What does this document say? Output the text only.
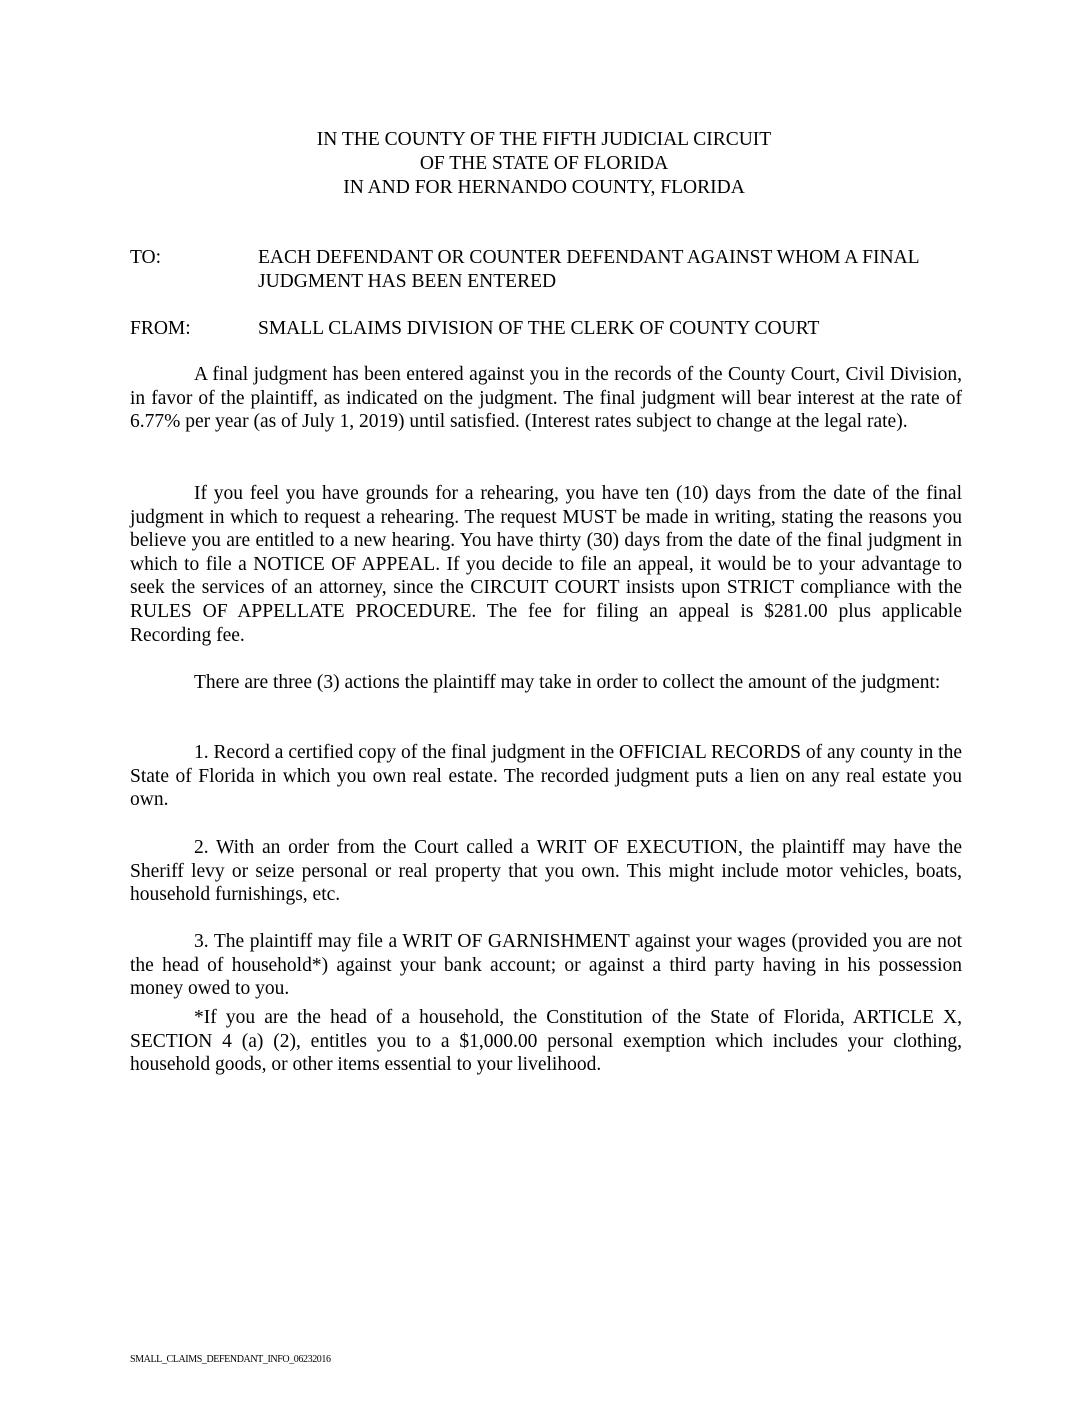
IN THE COUNTY OF THE FIFTH JUDICIAL CIRCUIT
OF THE STATE OF FLORIDA
IN AND FOR HERNANDO COUNTY, FLORIDA
TO:	EACH DEFENDANT OR COUNTER DEFENDANT AGAINST WHOM A FINAL JUDGMENT HAS BEEN ENTERED
FROM:	SMALL CLAIMS DIVISION OF THE CLERK OF COUNTY COURT

A final judgment has been entered against you in the records of the County Court, Civil Division, in favor of the plaintiff, as indicated on the judgment. The final judgment will bear interest at the rate of 6.77% per year (as of July 1, 2019) until satisfied. (Interest rates subject to change at the legal rate).

If you feel you have grounds for a rehearing, you have ten (10) days from the date of the final judgment in which to request a rehearing. The request MUST be made in writing, stating the reasons you believe you are entitled to a new hearing. You have thirty (30) days from the date of the final judgment in which to file a NOTICE OF APPEAL. If you decide to file an appeal, it would be to your advantage to seek the services of an attorney, since the CIRCUIT COURT insists upon STRICT compliance with the RULES OF APPELLATE PROCEDURE. The fee for filing an appeal is $281.00 plus applicable Recording fee.

There are three (3) actions the plaintiff may take in order to collect the amount of the judgment:

1. Record a certified copy of the final judgment in the OFFICIAL RECORDS of any county in the State of Florida in which you own real estate. The recorded judgment puts a lien on any real estate you own.

2. With an order from the Court called a WRIT OF EXECUTION, the plaintiff may have the Sheriff levy or seize personal or real property that you own. This might include motor vehicles, boats, household furnishings, etc.

3. The plaintiff may file a WRIT OF GARNISHMENT against your wages (provided you are not the head of household*) against your bank account; or against a third party having in his possession money owed to you.

*If you are the head of a household, the Constitution of the State of Florida, ARTICLE X, SECTION 4 (a) (2), entitles you to a $1,000.00 personal exemption which includes your clothing, household goods, or other items essential to your livelihood.

SMALL_CLAIMS_DEFENDANT_INFO_06232016
